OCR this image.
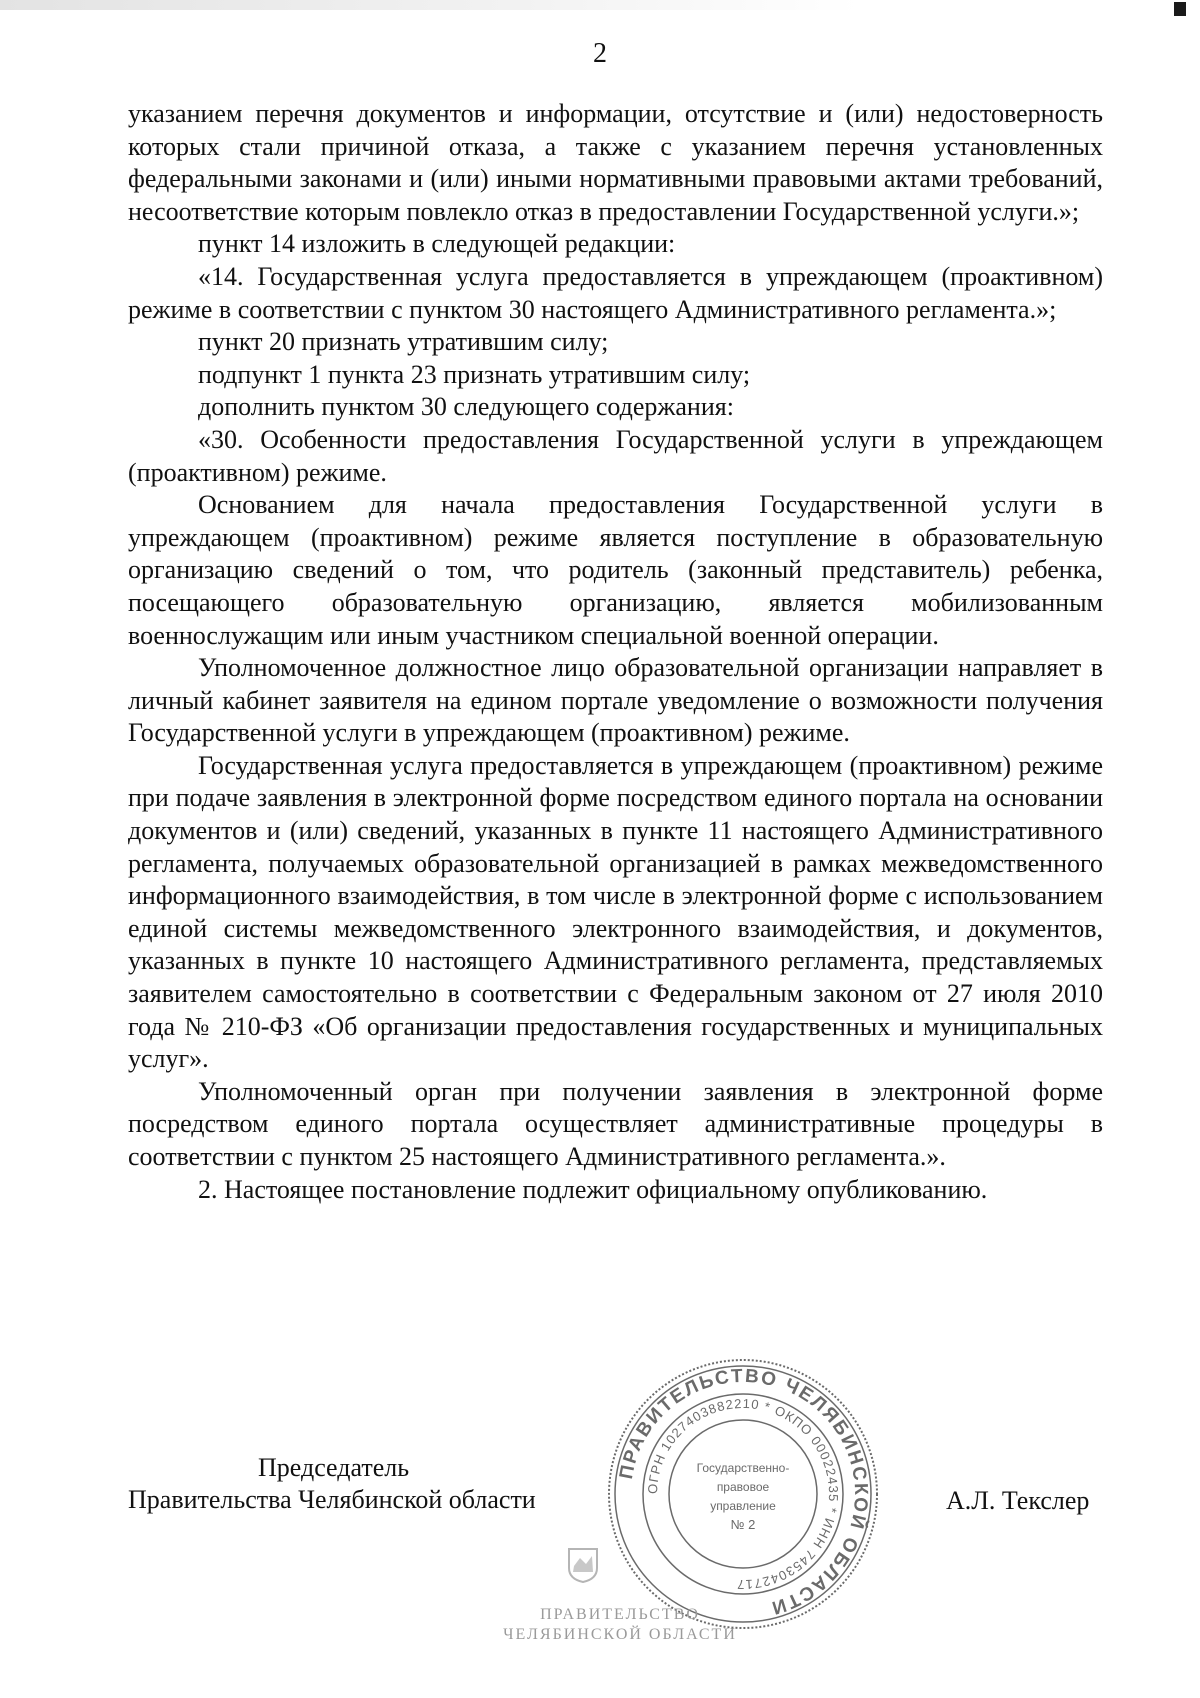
2

указанием перечня документов и информации, отсутствие и (или) недостоверность которых стали причиной отказа, а также с указанием перечня установленных федеральными законами и (или) иными нормативными правовыми актами требований, несоответствие которым повлекло отказ в предоставлении Государственной услуги.»;

пункт 14 изложить в следующей редакции:

«14. Государственная услуга предоставляется в упреждающем (проактивном) режиме в соответствии с пунктом 30 настоящего Административного регламента.»;

пункт 20 признать утратившим силу;

подпункт 1 пункта 23 признать утратившим силу;

дополнить пунктом 30 следующего содержания:

«30. Особенности предоставления Государственной услуги в упреждающем (проактивном) режиме.

Основанием для начала предоставления Государственной услуги в упреждающем (проактивном) режиме является поступление в образовательную организацию сведений о том, что родитель (законный представитель) ребенка, посещающего образовательную организацию, является мобилизованным военнослужащим или иным участником специальной военной операции.

Уполномоченное должностное лицо образовательной организации направляет в личный кабинет заявителя на едином портале уведомление о возможности получения Государственной услуги в упреждающем (проактивном) режиме.

Государственная услуга предоставляется в упреждающем (проактивном) режиме при подаче заявления в электронной форме посредством единого портала на основании документов и (или) сведений, указанных в пункте 11 настоящего Административного регламента, получаемых образовательной организацией в рамках межведомственного информационного взаимодействия, в том числе в электронной форме с использованием единой системы межведомственного электронного взаимодействия, и документов, указанных в пункте 10 настоящего Административного регламента, представляемых заявителем самостоятельно в соответствии с Федеральным законом от 27 июля 2010 года № 210-ФЗ «Об организации предоставления государственных и муниципальных услуг».

Уполномоченный орган при получении заявления в электронной форме посредством единого портала осуществляет административные процедуры в соответствии с пунктом 25 настоящего Административного регламента.».

2. Настоящее постановление подлежит официальному опубликованию.

Председатель
Правительства Челябинской области	А.Л. Текслер
ПРАВИТЕЛЬСТВО ЧЕЛЯБИНСКОЙ ОБЛАСТИ
ОГРН 1027403882210 * ОКПО 00022435 * ИНН 7453042717
Государственно-
правовое
управление
№ 2
ПРАВИТЕЛЬСТВО
ЧЕЛЯБИНСКОЙ ОБЛАСТИ
